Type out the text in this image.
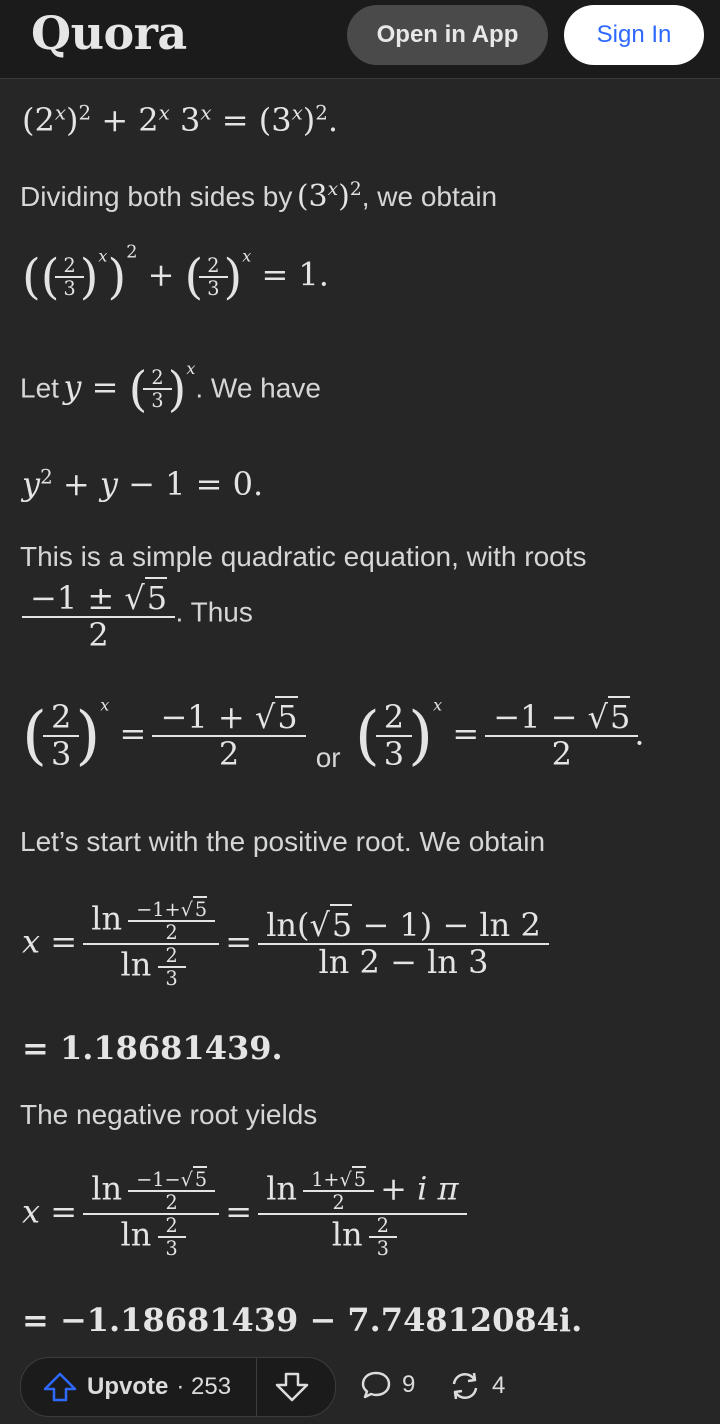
Quora	Open in App	Sign In
$(2^x)^2 + 2^x$ $3^x = (3^x)^2$.
Dividing both sides by $(3^x)^2$, we obtain
(( $\frac{2}{3} )^x)^2$ + ( $\frac{2}{3} )^x = 1$.
Let y = ( $\frac{2}{3} )^x$. We have
$y^2 + y - 1 = 0$.
This is a simple quadratic equation, with roots
$\frac{-1 \pm √5}{2}$ . Thus
( $\frac{2}{3} )^x = \frac{-1 + √5}{2}$ or ( $\frac{2}{3} )^x = \frac{-1 - √5}{2}$ .
Let’s start with the positive root. We obtain
$x = \frac{\ln \frac{-1+√ 5}{2}}{\ln \frac{2}{3}} = \frac{\ln(√5 - 1) - \ln 2}{\ln 2 - \ln 3}$
= 1.18681439.
The negative root yields
$x = \frac{\ln \frac{-1-√ 5}{2}}{\ln \frac{2}{3}} = \frac{\ln \frac{1+√ 5}{2} + i \pi}{\ln \frac{2}{3}}$
= −1.18681439 − 7.74812084i.
Upvote · 253	9	4
